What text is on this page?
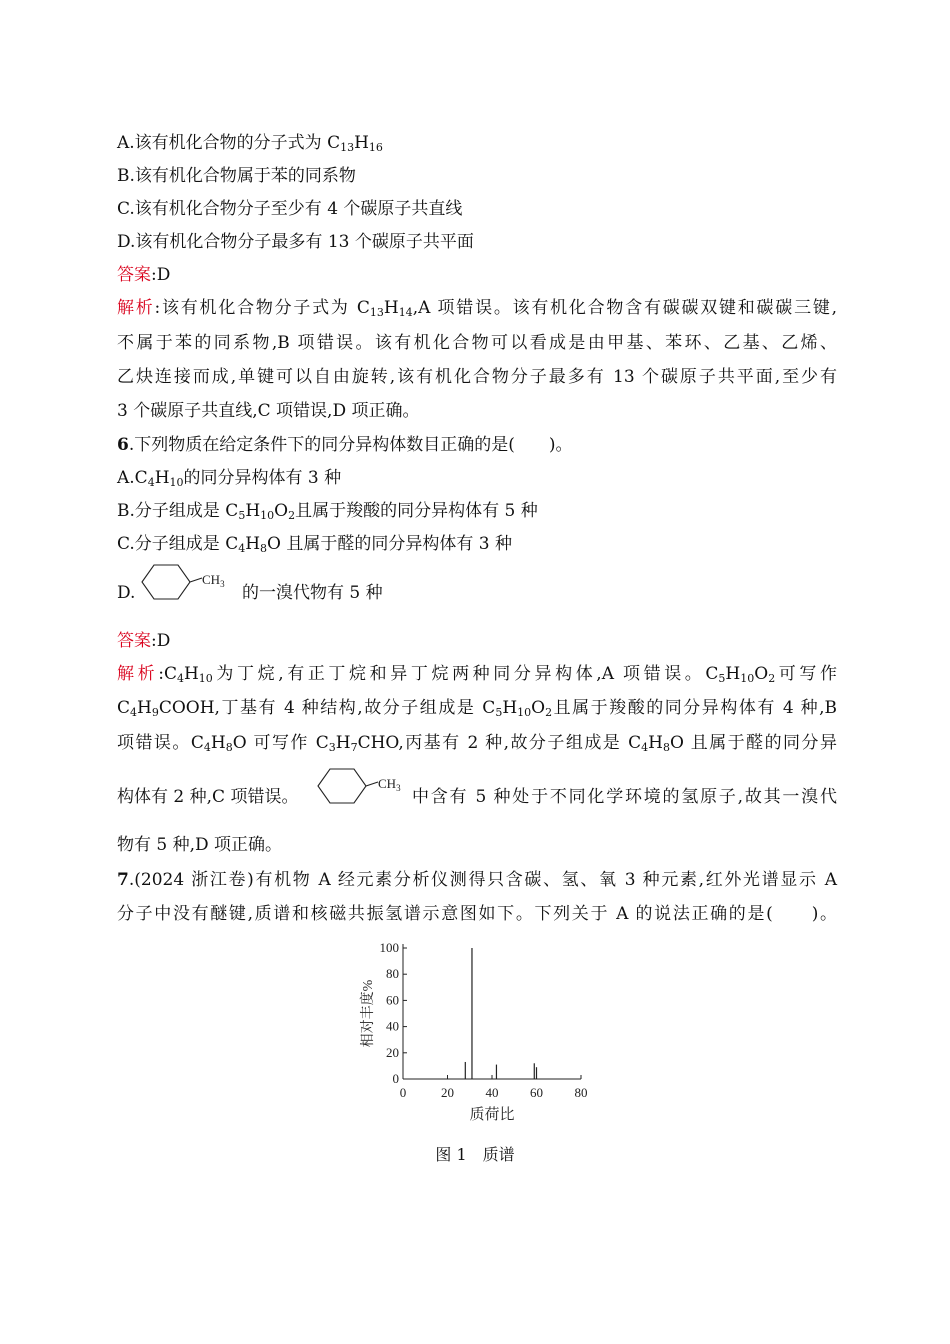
A.该有机化合物的分子式为 $C_{13}H_{16}$
B.该有机化合物属于苯的同系物
C.该有机化合物分子至少有 4 个碳原子共直线
D.该有机化合物分子最多有 13 个碳原子共平面
答案:D
解析:该有机化合物分子式为 $C_{13}H_{14},A$ 项错误。该有机化合物含有碳碳双键和碳碳三键,
不属于苯的同系物,B 项错误。该有机化合物可以看成是由甲基、苯环、乙基、乙烯、
乙炔连接而成,单键可以自由旋转,该有机化合物分子最多有 13 个碳原子共平面,至少有
3 个碳原子共直线,C 项错误,D 项正确。
6.下列物质在给定条件下的同分异构体数目正确的是(　　)。
$A.C_4H_{10}$的同分异构体有 3 种
B.分子组成是 $C_5H_{10}O_2$且属于羧酸的同分异构体有 5 种
C.分子组成是 $C_4H_8O$ 且属于醛的同分异构体有 3 种
D.
$CH_3$ 的一溴代物有 5 种
答案:D
解析$:C_4H_{10}$为丁烷,有正丁烷和异丁烷两种同分异构体,A 项错误。$C_5H_{10}O_2$可写作
$C_4H_9COOH$,丁基有 4 种结构,故分子组成是 $C_5H_{10}O_2$且属于羧酸的同分异构体有 4 种,B
项错误。$C_4H_8O$ 可写作 $C_3H_7CHO$,丙基有 2 种,故分子组成是 $C_4H_8O$ 且属于醛的同分异
构体有 2 种,C 项错误。
$CH_3$ 中含有 5 种处于不同化学环境的氢原子,故其一溴代
物有 5 种,D 项正确。
7.(2024 浙江卷)有机物 A 经元素分析仪测得只含碳、氢、氧 3 种元素,红外光谱显示 A
分子中没有醚键,质谱和核磁共振氢谱示意图如下。下列关于 A 的说法正确的是(　　)。
0
20
40
60
80
100
0	20 40 60 80
质荷比
相对丰度%
图 1　质谱
